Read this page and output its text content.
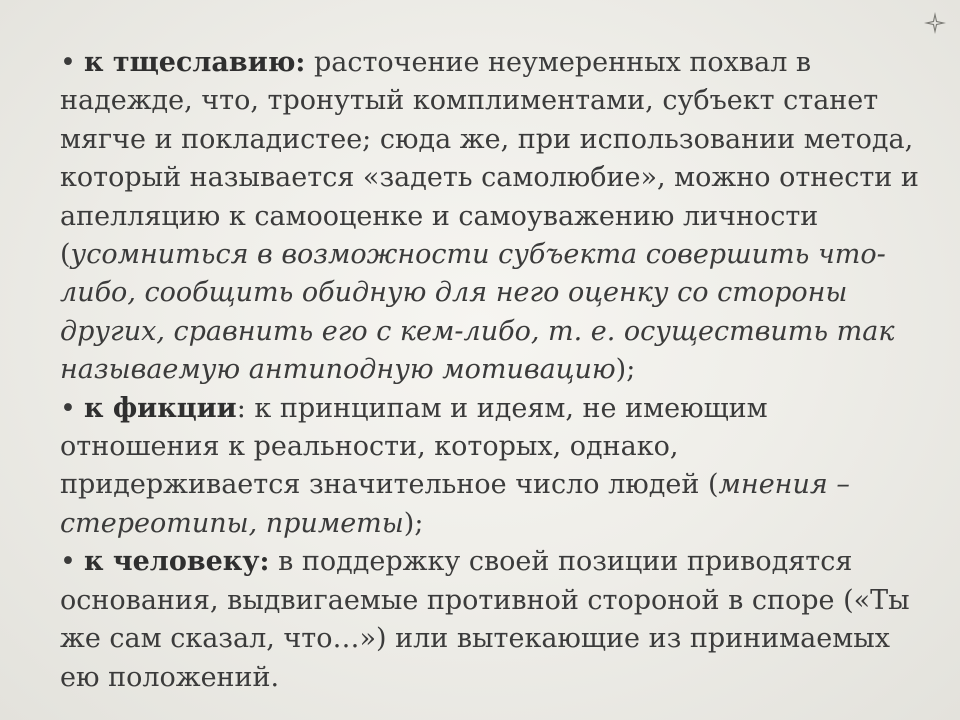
• к тщеславию: расточение неумеренных похвал в надежде, что, тронутый комплиментами, субъект станет мягче и покладистее; сюда же, при использовании метода, который называется «задеть самолюбие», можно отнести и апелляцию к самооценке и самоуважению личности (усомниться в возможности субъекта совершить что-либо, сообщить обидную для него оценку со стороны других, сравнить его с кем-либо, т. е. осуществить так называемую антиподную мотивацию);

• к фикции: к принципам и идеям, не имеющим отношения к реальности, которых, однако, придерживается значительное число людей (мнения – стереотипы, приметы);

• к человеку: в поддержку своей позиции приводятся основания, выдвигаемые противной стороной в споре («Ты же сам сказал, что…») или вытекающие из принимаемых ею положений.
